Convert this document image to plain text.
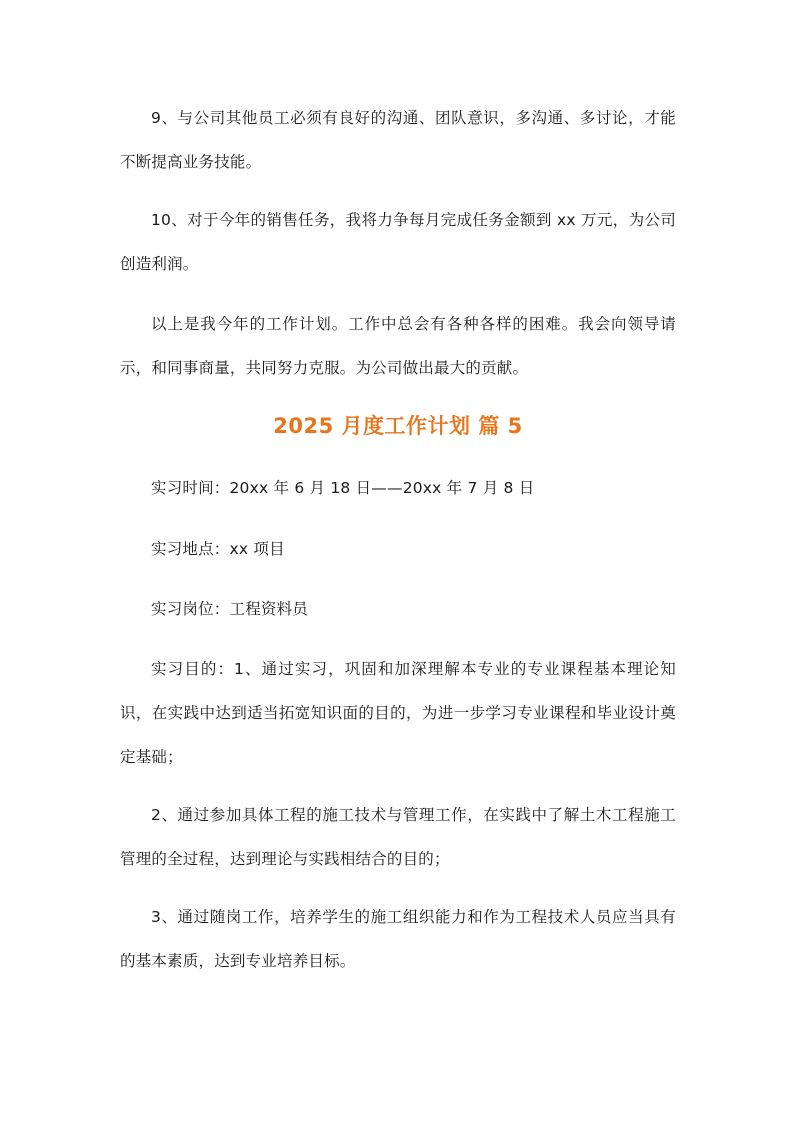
9、与公司其他员工必须有良好的沟通、团队意识，多沟通、多讨论，才能不断提高业务技能。

10、对于今年的销售任务，我将力争每月完成任务金额到 xx 万元，为公司创造利润。

以上是我今年的工作计划。工作中总会有各种各样的困难。我会向领导请示，和同事商量，共同努力克服。为公司做出最大的贡献。

2025 月度工作计划 篇 5

实习时间：20xx 年 6 月 18 日——20xx 年 7 月 8 日

实习地点：xx 项目

实习岗位：工程资料员

实习目的：1、通过实习，巩固和加深理解本专业的专业课程基本理论知识，在实践中达到适当拓宽知识面的目的，为进一步学习专业课程和毕业设计奠定基础；

2、通过参加具体工程的施工技术与管理工作，在实践中了解土木工程施工管理的全过程，达到理论与实践相结合的目的；

3、通过随岗工作，培养学生的施工组织能力和作为工程技术人员应当具有的基本素质，达到专业培养目标。
